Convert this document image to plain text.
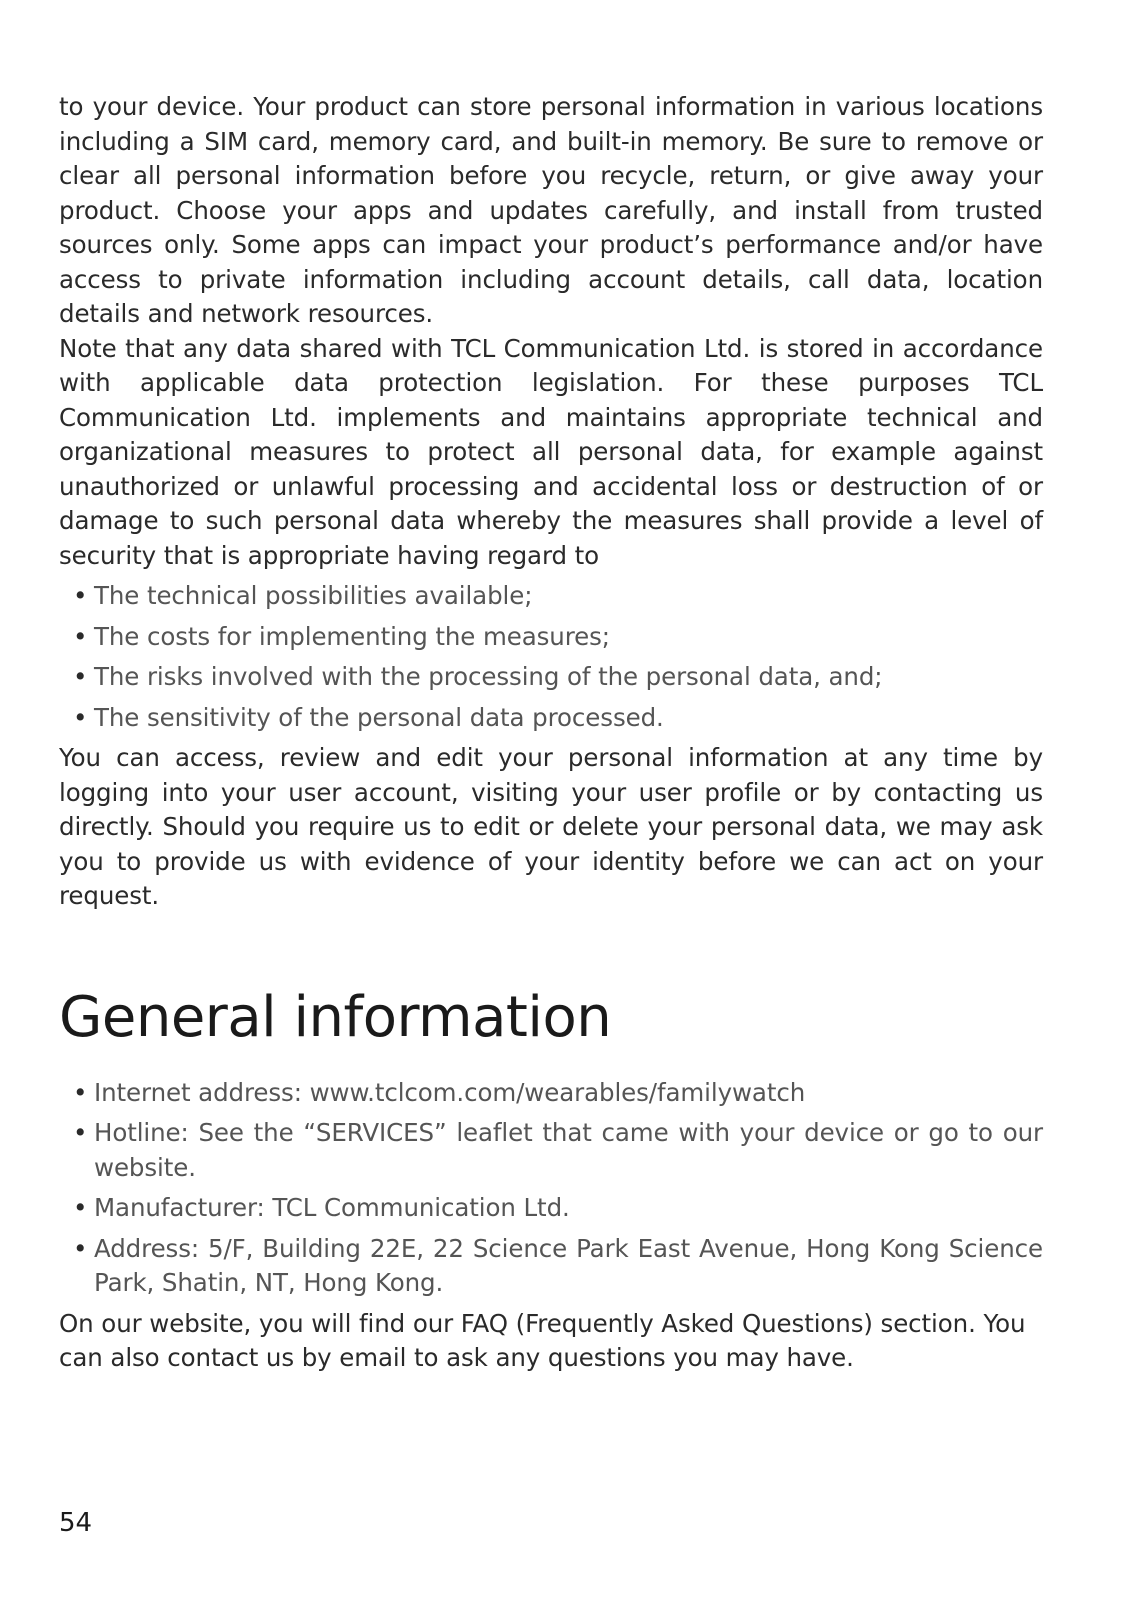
to your device. Your product can store personal information in various locations including a SIM card, memory card, and built-in memory. Be sure to remove or clear all personal information before you recycle, return, or give away your product. Choose your apps and updates carefully, and install from trusted sources only. Some apps can impact your product’s performance and/or have access to private information including account details, call data, location details and network resources.

Note that any data shared with TCL Communication Ltd. is stored in accordance with applicable data protection legislation. For these purposes TCL Communication Ltd. implements and maintains appropriate technical and organizational measures to protect all personal data, for example against unauthorized or unlawful processing and accidental loss or destruction of or damage to such personal data whereby the measures shall provide a level of security that is appropriate having regard to

• The technical possibilities available;
• The costs for implementing the measures;
• The risks involved with the processing of the personal data, and;
• The sensitivity of the personal data processed.

You can access, review and edit your personal information at any time by logging into your user account, visiting your user profile or by contacting us directly. Should you require us to edit or delete your personal data, we may ask you to provide us with evidence of your identity before we can act on your request.

General information
• Internet address: www.tclcom.com/wearables/familywatch
• Hotline: See the “SERVICES” leaflet that came with your device or go to our website.
• Manufacturer: TCL Communication Ltd.
• Address: 5/F, Building 22E, 22 Science Park East Avenue, Hong Kong Science Park, Shatin, NT, Hong Kong.

On our website, you will find our FAQ (Frequently Asked Questions) section. You can also contact us by email to ask any questions you may have.

54
